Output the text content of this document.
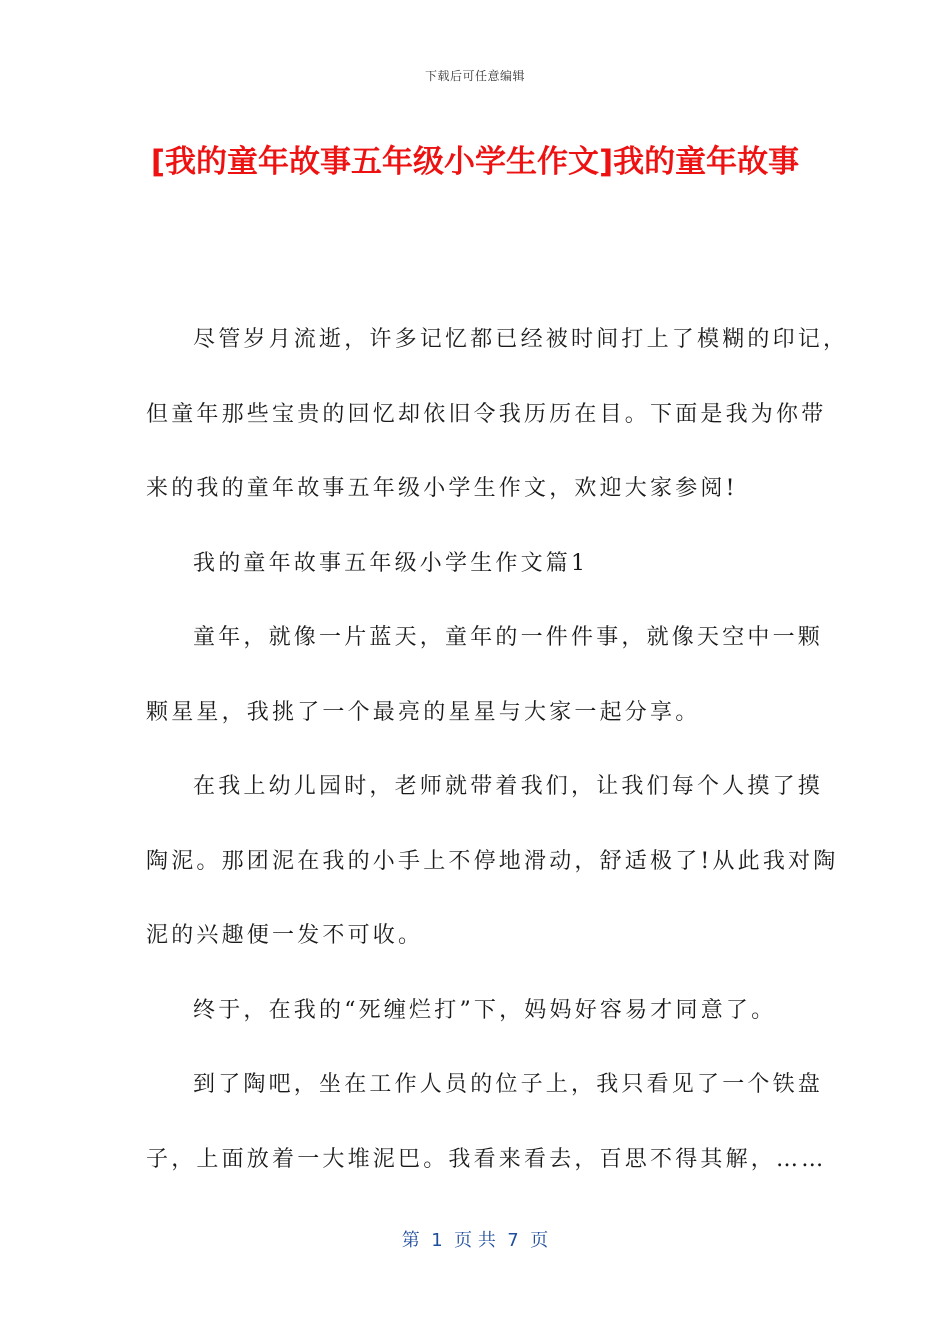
下载后可任意编辑
[我的童年故事五年级小学生作文]我的童年故事
尽管岁月流逝，许多记忆都已经被时间打上了模糊的印记，
但童年那些宝贵的回忆却依旧令我历历在目。下面是我为你带
来的我的童年故事五年级小学生作文，欢迎大家参阅!
我的童年故事五年级小学生作文篇1
童年，就像一片蓝天，童年的一件件事，就像天空中一颗
颗星星，我挑了一个最亮的星星与大家一起分享。
在我上幼儿园时，老师就带着我们，让我们每个人摸了摸
陶泥。那团泥在我的小手上不停地滑动，舒适极了!从此我对陶
泥的兴趣便一发不可收。
终于，在我的“死缠烂打”下，妈妈好容易才同意了。
到了陶吧，坐在工作人员的位子上，我只看见了一个铁盘
子，上面放着一大堆泥巴。我看来看去，百思不得其解，……
第  1  页 共  7  页
